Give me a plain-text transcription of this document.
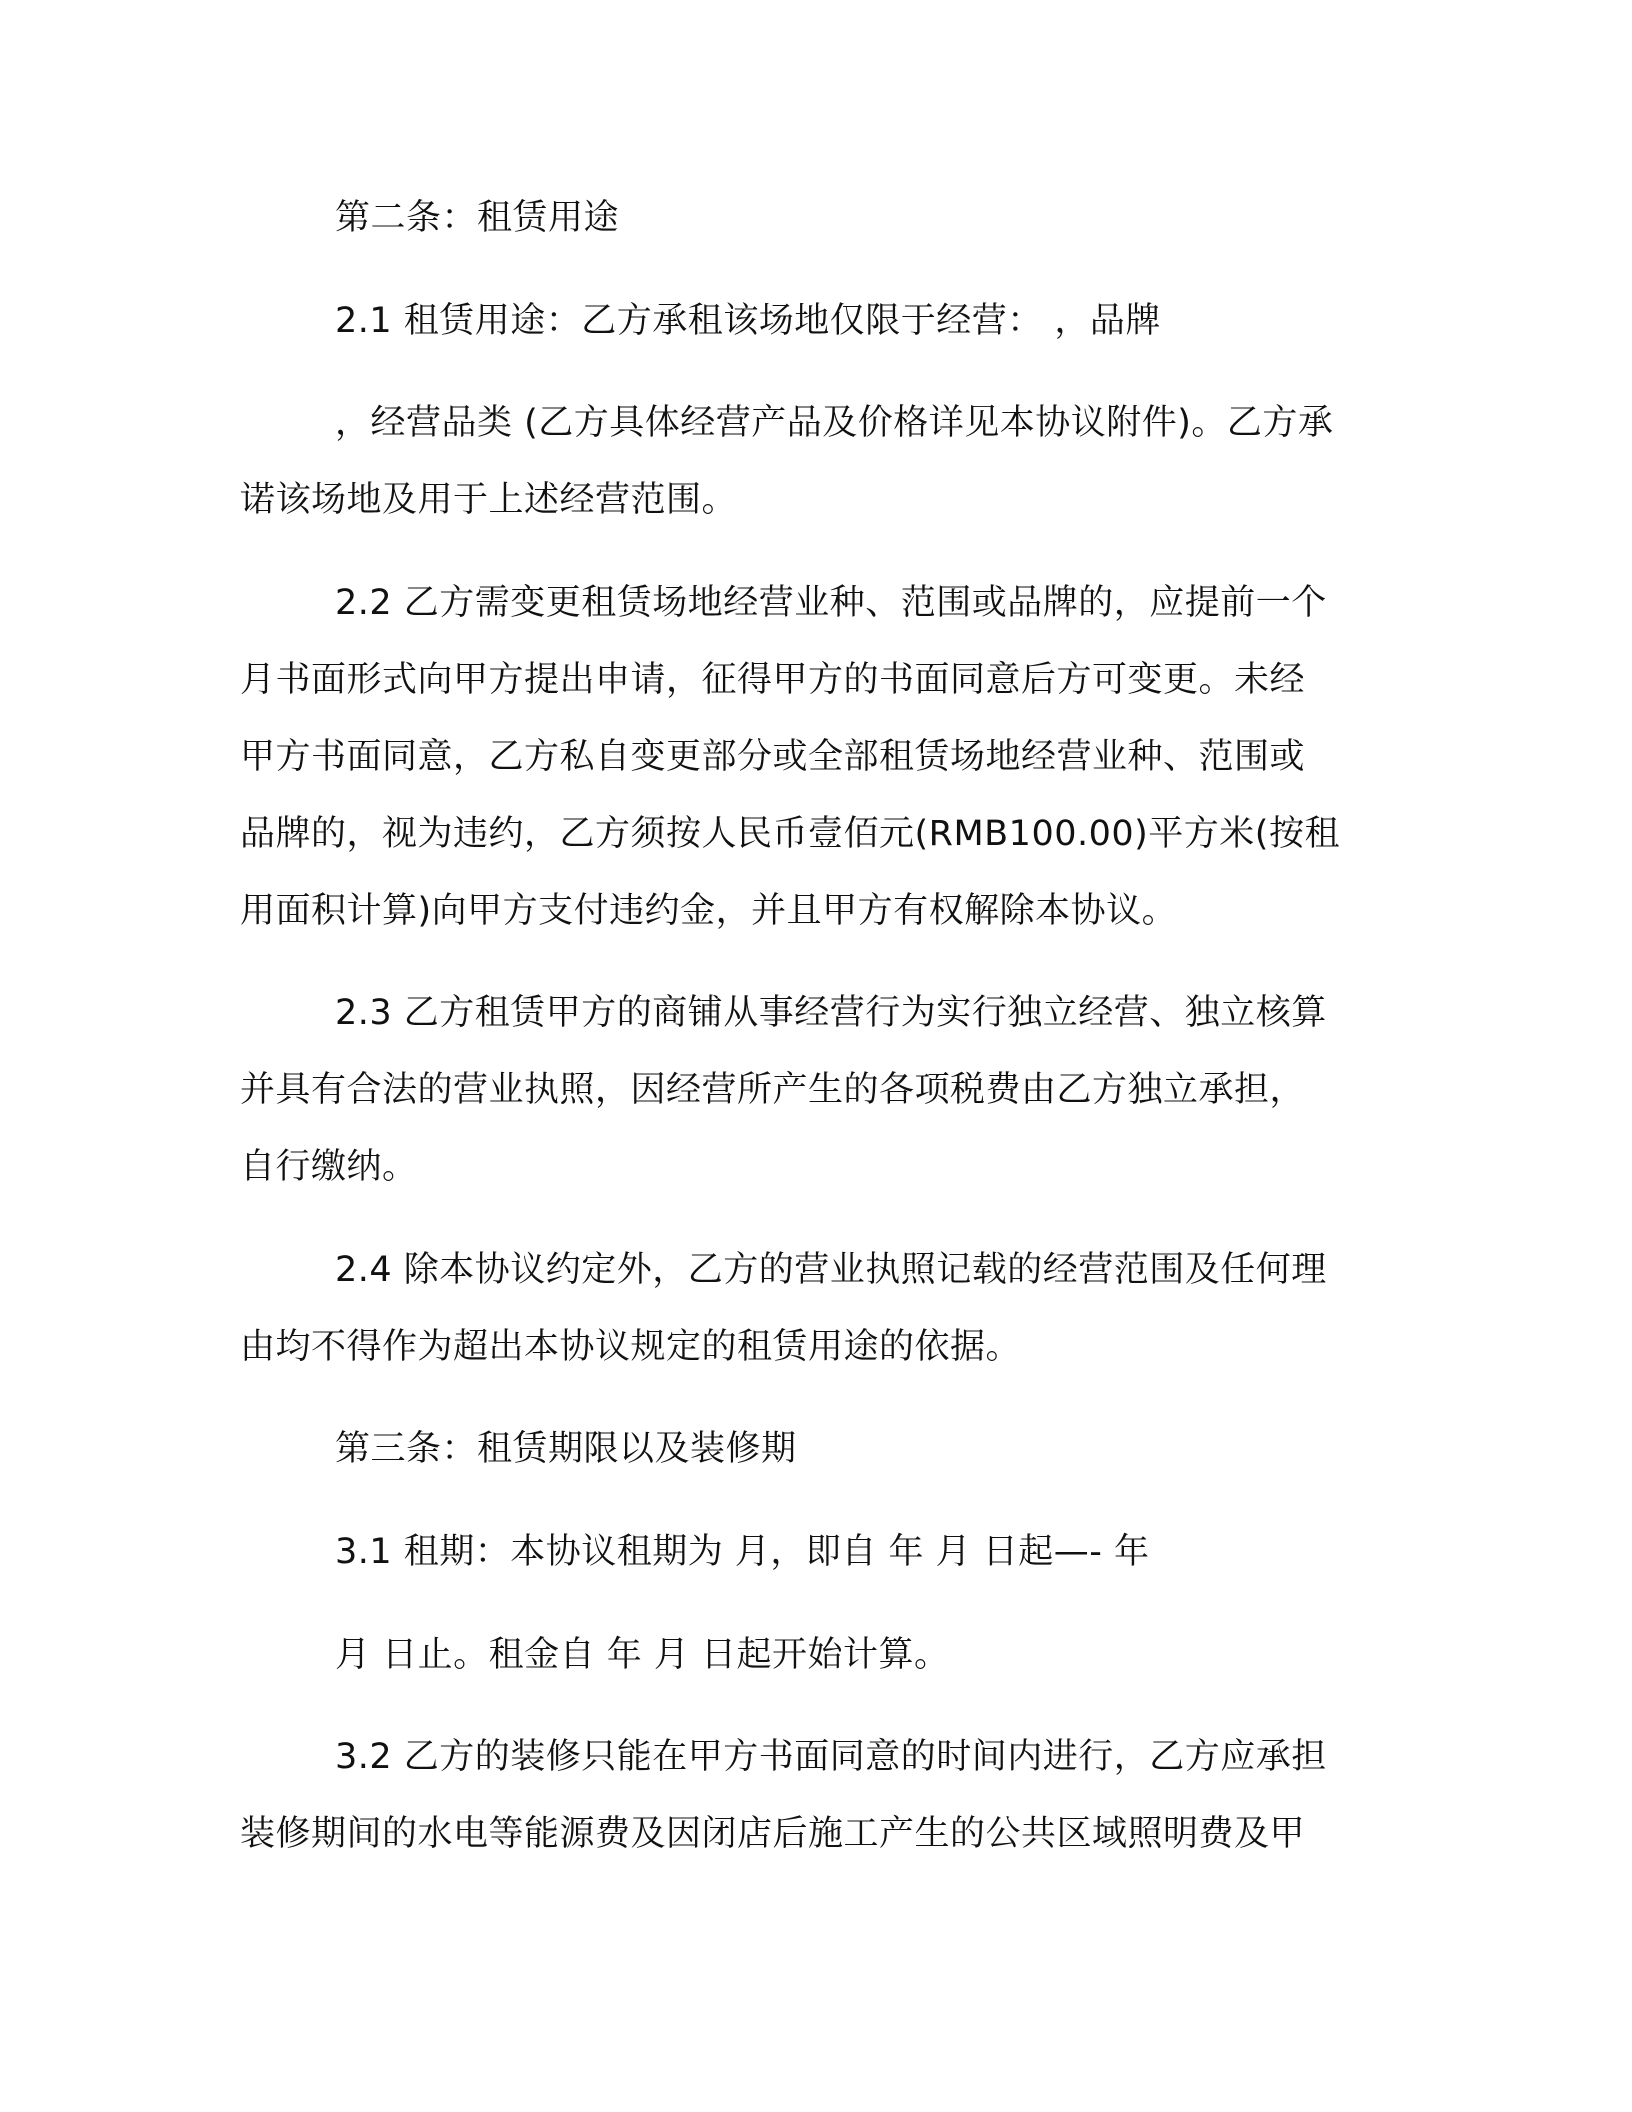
第二条：租赁用途
2.1 租赁用途：乙方承租该场地仅限于经营： ，品牌
，经营品类 (乙方具体经营产品及价格详见本协议附件)。乙方承
诺该场地及用于上述经营范围。
2.2 乙方需变更租赁场地经营业种、范围或品牌的，应提前一个
月书面形式向甲方提出申请，征得甲方的书面同意后方可变更。未经
甲方书面同意，乙方私自变更部分或全部租赁场地经营业种、范围或
品牌的，视为违约，乙方须按人民币壹佰元(RMB100.00)平方米(按租
用面积计算)向甲方支付违约金，并且甲方有权解除本协议。
2.3 乙方租赁甲方的商铺从事经营行为实行独立经营、独立核算
并具有合法的营业执照，因经营所产生的各项税费由乙方独立承担，
自行缴纳。
2.4 除本协议约定外，乙方的营业执照记载的经营范围及任何理
由均不得作为超出本协议规定的租赁用途的依据。
第三条：租赁期限以及装修期
3.1 租期：本协议租期为 月，即自 年 月 日起—- 年
月 日止。租金自 年 月 日起开始计算。
3.2 乙方的装修只能在甲方书面同意的时间内进行，乙方应承担
装修期间的水电等能源费及因闭店后施工产生的公共区域照明费及甲
